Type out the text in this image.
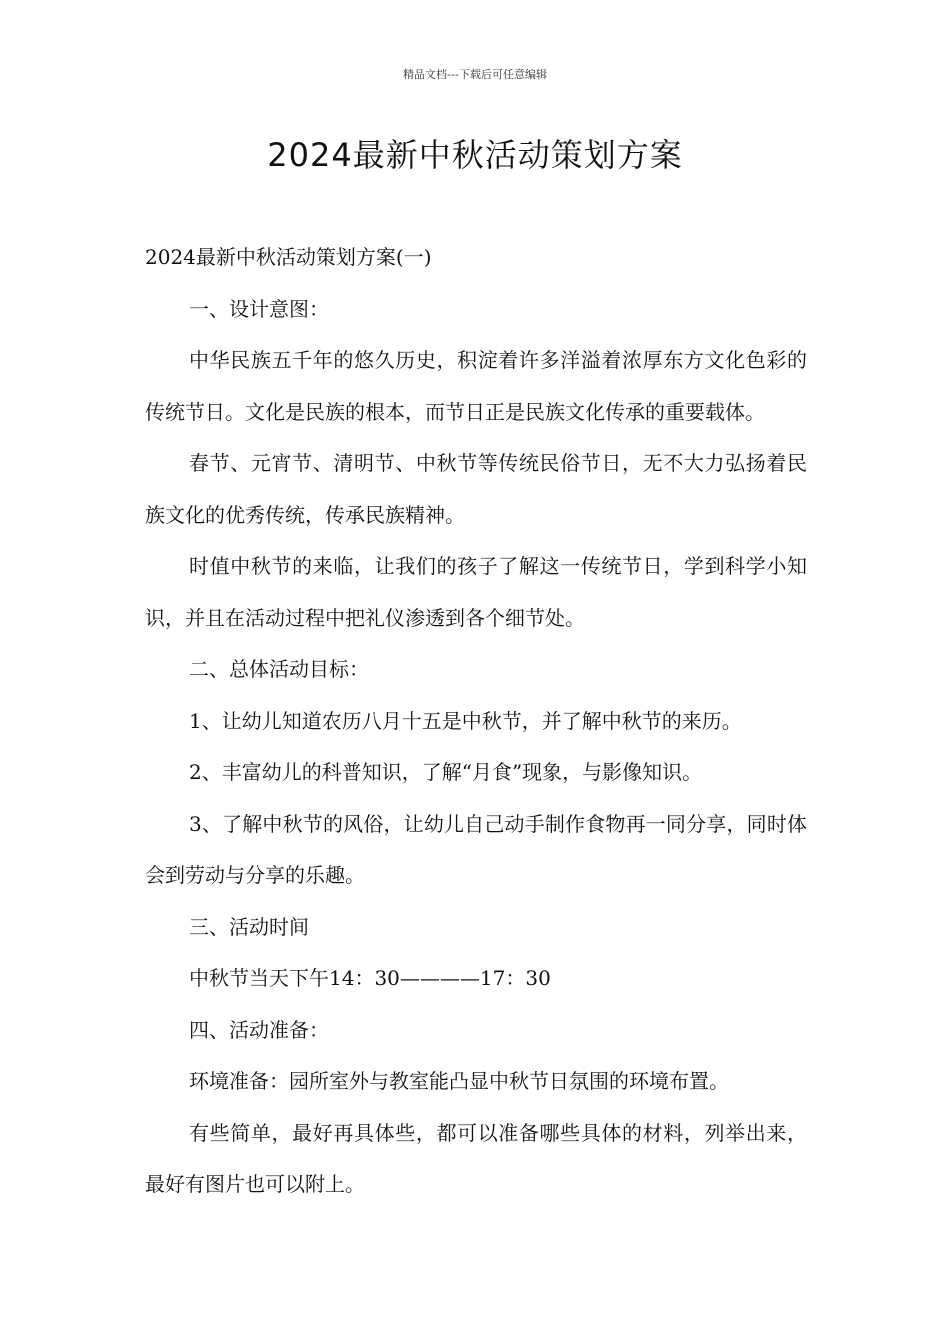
精品文档---下载后可任意编辑
2024最新中秋活动策划方案

2024最新中秋活动策划方案(一)

一、设计意图：

中华民族五千年的悠久历史，积淀着许多洋溢着浓厚东方文化色彩的传统节日。文化是民族的根本，而节日正是民族文化传承的重要载体。

春节、元宵节、清明节、中秋节等传统民俗节日，无不大力弘扬着民族文化的优秀传统，传承民族精神。

时值中秋节的来临，让我们的孩子了解这一传统节日，学到科学小知识，并且在活动过程中把礼仪渗透到各个细节处。

二、总体活动目标：

1、让幼儿知道农历八月十五是中秋节，并了解中秋节的来历。

2、丰富幼儿的科普知识，了解“月食”现象，与影像知识。

3、了解中秋节的风俗，让幼儿自己动手制作食物再一同分享，同时体会到劳动与分享的乐趣。

三、活动时间

中秋节当天下午14：30————17：30

四、活动准备：

环境准备：园所室外与教室能凸显中秋节日氛围的环境布置。

有些简单，最好再具体些，都可以准备哪些具体的材料，列举出来，最好有图片也可以附上。
